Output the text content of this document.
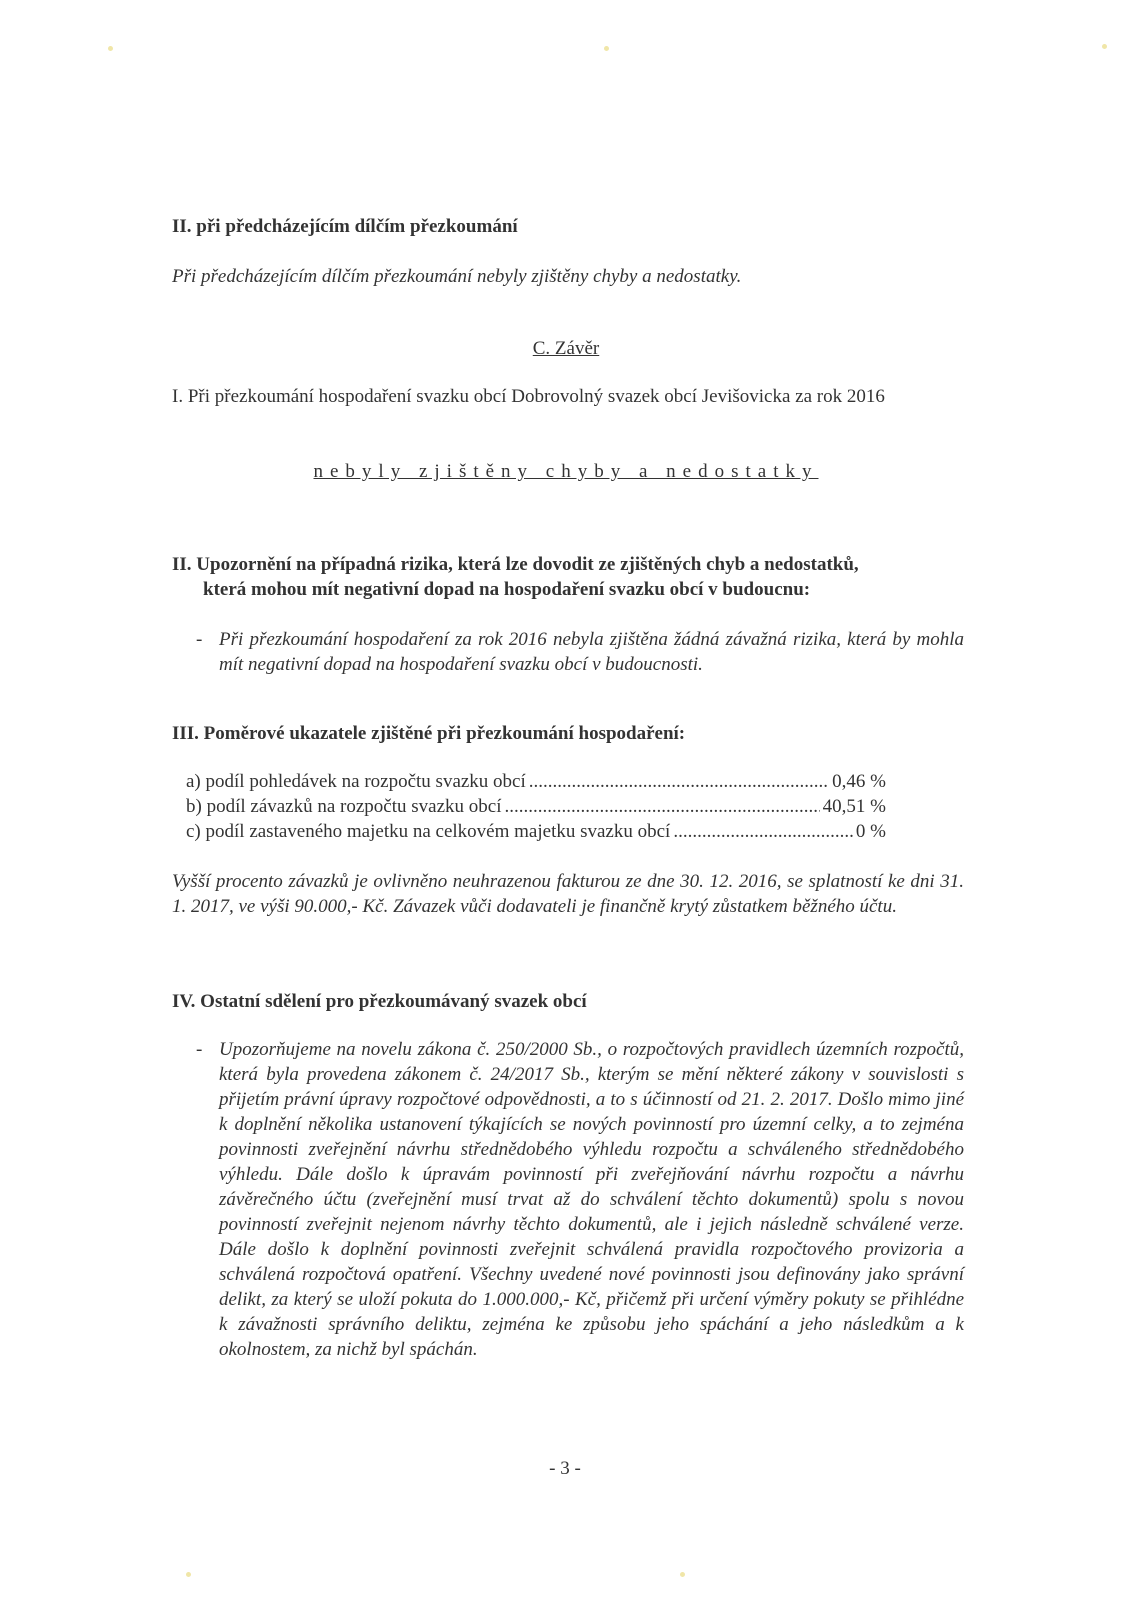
II. při předcházejícím dílčím přezkoumání
Při předcházejícím dílčím přezkoumání nebyly zjištěny chyby a nedostatky.
C. Závěr
I. Při přezkoumání hospodaření svazku obcí Dobrovolný svazek obcí Jevišovicka za rok 2016
nebyly zjištěny chyby a nedostatky
II. Upozornění na případná rizika, která lze dovodit ze zjištěných chyb a nedostatků,
která mohou mít negativní dopad na hospodaření svazku obcí v budoucnu:
- Při přezkoumání hospodaření za rok 2016 nebyla zjištěna žádná závažná rizika, která by mohla mít negativní dopad na hospodaření svazku obcí v budoucnosti.
III. Poměrové ukazatele zjištěné při přezkoumání hospodaření:
a) podíl pohledávek na rozpočtu svazku obcí .....	0,46 %
b) podíl závazků na rozpočtu svazku obcí .....	40,51 %
c) podíl zastaveného majetku na celkovém majetku svazku obcí .....	0 %
Vyšší procento závazků je ovlivněno neuhrazenou fakturou ze dne 30. 12. 2016, se splatností ke dni 31. 1. 2017, ve výši 90.000,- Kč. Závazek vůči dodavateli je finančně krytý zůstatkem běžného účtu.
IV. Ostatní sdělení pro přezkoumávaný svazek obcí
- Upozorňujeme na novelu zákona č. 250/2000 Sb., o rozpočtových pravidlech územních rozpočtů, která byla provedena zákonem č. 24/2017 Sb., kterým se mění některé zákony v souvislosti s přijetím právní úpravy rozpočtové odpovědnosti, a to s účinností od 21. 2. 2017. Došlo mimo jiné k doplnění několika ustanovení týkajících se nových povinností pro územní celky, a to zejména povinnosti zveřejnění návrhu střednědobého výhledu rozpočtu a schváleného střednědobého výhledu. Dále došlo k úpravám povinností při zveřejňování návrhu rozpočtu a návrhu závěrečného účtu (zveřejnění musí trvat až do schválení těchto dokumentů) spolu s novou povinností zveřejnit nejenom návrhy těchto dokumentů, ale i jejich následně schválené verze. Dále došlo k doplnění povinnosti zveřejnit schválená pravidla rozpočtového provizoria a schválená rozpočtová opatření. Všechny uvedené nové povinnosti jsou definovány jako správní delikt, za který se uloží pokuta do 1.000.000,- Kč, přičemž při určení výměry pokuty se přihlédne k závažnosti správního deliktu, zejména ke způsobu jeho spáchání a jeho následkům a k okolnostem, za nichž byl spáchán.
- 3 -
